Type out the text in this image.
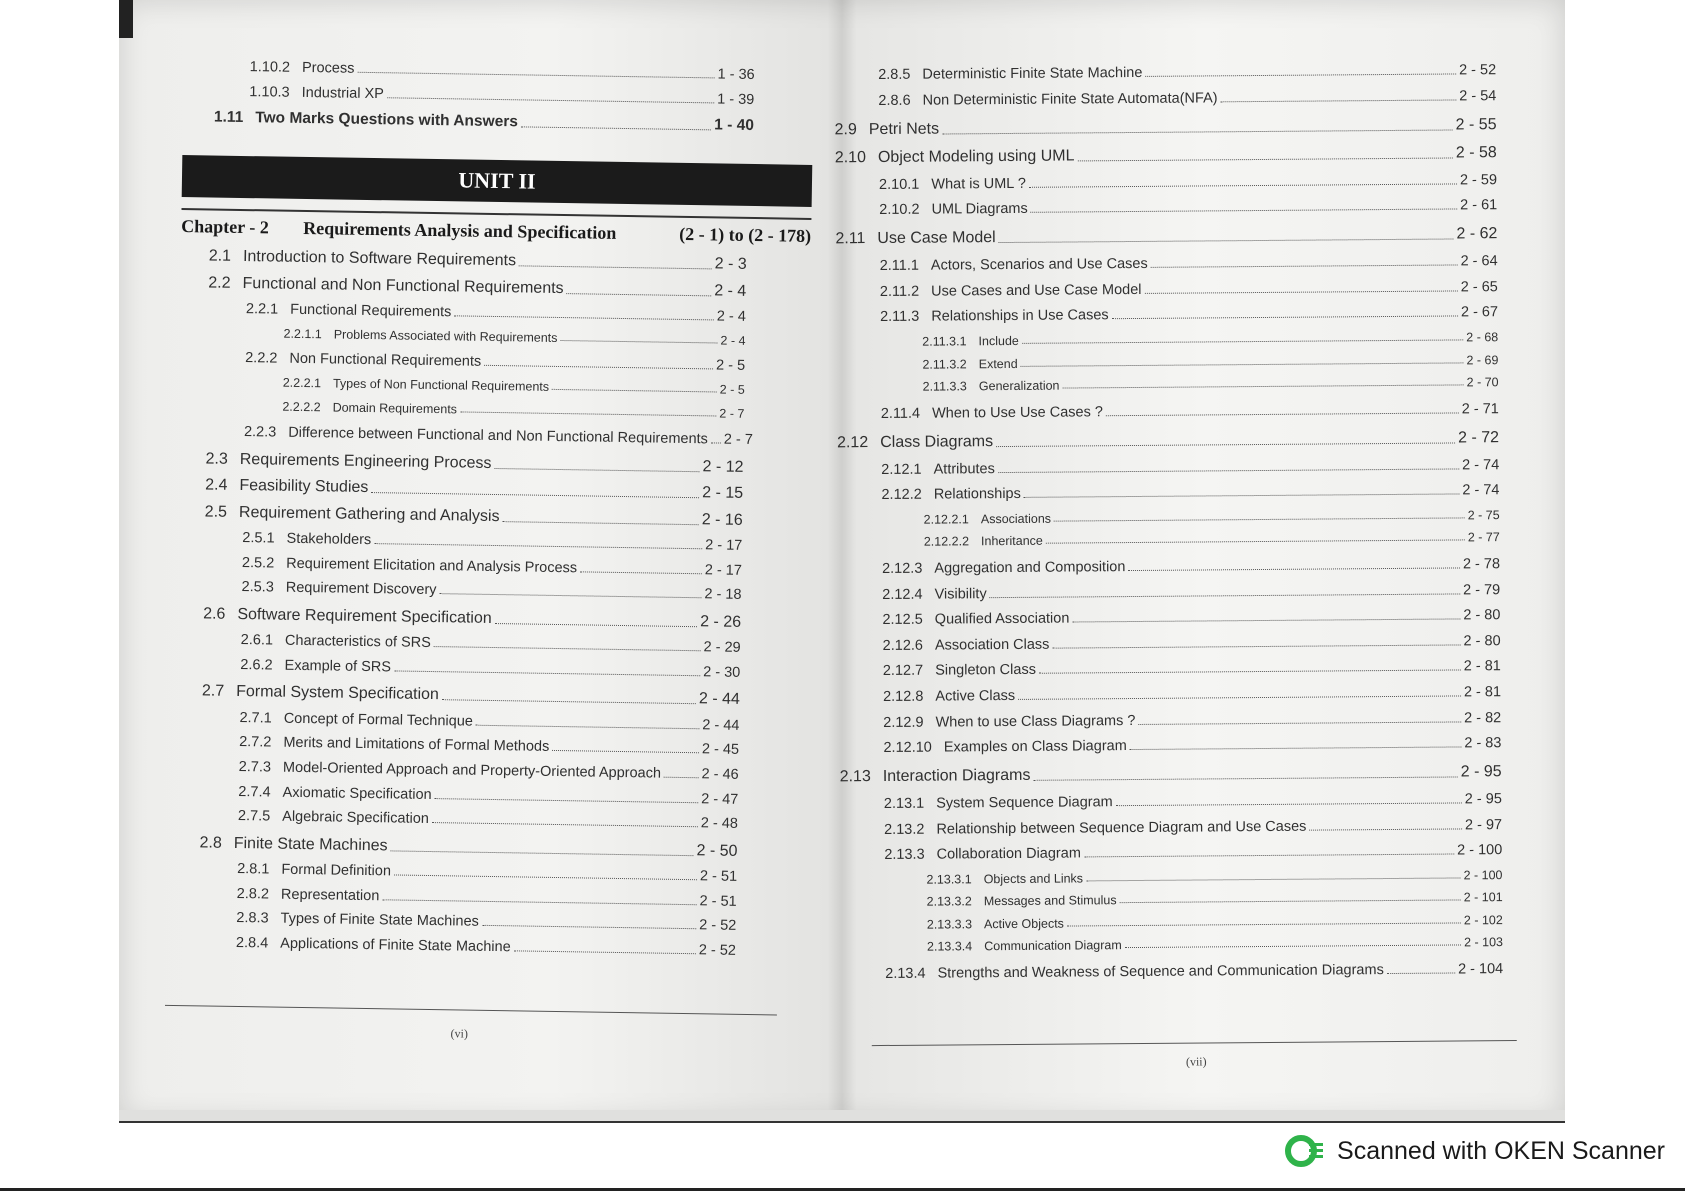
1.10.2 Process	1 - 36
1.10.3 Industrial XP	1 - 39
1.11 Two Marks Questions with Answers	1 - 40
UNIT II
Chapter - 2	Requirements Analysis and Specification	(2 - 1) to (2 - 178)
2.1 Introduction to Software Requirements	2 - 3
2.2 Functional and Non Functional Requirements	2 - 4
2.2.1 Functional Requirements	2 - 4
2.2.1.1 Problems Associated with Requirements	2 - 4
2.2.2 Non Functional Requirements	2 - 5
2.2.2.1 Types of Non Functional Requirements	2 - 5
2.2.2.2 Domain Requirements	2 - 7
2.2.3 Difference between Functional and Non Functional Requirements 2 - 7
2.3 Requirements Engineering Process	2 - 12
2.4 Feasibility Studies	2 - 15
2.5 Requirement Gathering and Analysis	2 - 16
2.5.1 Stakeholders	2 - 17
2.5.2 Requirement Elicitation and Analysis Process	2 - 17
2.5.3 Requirement Discovery	2 - 18
2.6 Software Requirement Specification	2 - 26
2.6.1 Characteristics of SRS	2 - 29
2.6.2 Example of SRS	2 - 30
2.7 Formal System Specification	2 - 44
2.7.1 Concept of Formal Technique	2 - 44
2.7.2 Merits and Limitations of Formal Methods	2 - 45
2.7.3 Model-Oriented Approach and Property-Oriented Approach	2 - 46
2.7.4 Axiomatic Specification	2 - 47
2.7.5 Algebraic Specification	2 - 48
2.8 Finite State Machines	2 - 50
2.8.1 Formal Definition	2 - 51
2.8.2 Representation	2 - 51
2.8.3 Types of Finite State Machines	2 - 52
2.8.4 Applications of Finite State Machine	2 - 52
(vi)
2.8.5 Deterministic Finite State Machine	2 - 52
2.8.6 Non Deterministic Finite State Automata(NFA)	2 - 54
2.9 Petri Nets	2 - 55
2.10 Object Modeling using UML	2 - 58
2.10.1 What is UML ?	2 - 59
2.10.2 UML Diagrams	2 - 61
2.11 Use Case Model	2 - 62
2.11.1 Actors, Scenarios and Use Cases	2 - 64
2.11.2 Use Cases and Use Case Model	2 - 65
2.11.3 Relationships in Use Cases	2 - 67
2.11.3.1 Include	2 - 68
2.11.3.2 Extend	2 - 69
2.11.3.3 Generalization	2 - 70
2.11.4 When to Use Use Cases ?	2 - 71
2.12 Class Diagrams	2 - 72
2.12.1 Attributes	2 - 74
2.12.2 Relationships	2 - 74
2.12.2.1 Associations	2 - 75
2.12.2.2 Inheritance	2 - 77
2.12.3 Aggregation and Composition	2 - 78
2.12.4 Visibility	2 - 79
2.12.5 Qualified Association	2 - 80
2.12.6 Association Class	2 - 80
2.12.7 Singleton Class	2 - 81
2.12.8 Active Class	2 - 81
2.12.9 When to use Class Diagrams ?	2 - 82
2.12.10 Examples on Class Diagram	2 - 83
2.13 Interaction Diagrams	2 - 95
2.13.1 System Sequence Diagram	2 - 95
2.13.2 Relationship between Sequence Diagram and Use Cases	2 - 97
2.13.3 Collaboration Diagram	2 - 100
2.13.3.1 Objects and Links	2 - 100
2.13.3.2 Messages and Stimulus	2 - 101
2.13.3.3 Active Objects	2 - 102
2.13.3.4 Communication Diagram	2 - 103
2.13.4 Strengths and Weakness of Sequence and Communication Diagrams	2 - 104
(vii)
Scanned with OKEN Scanner
